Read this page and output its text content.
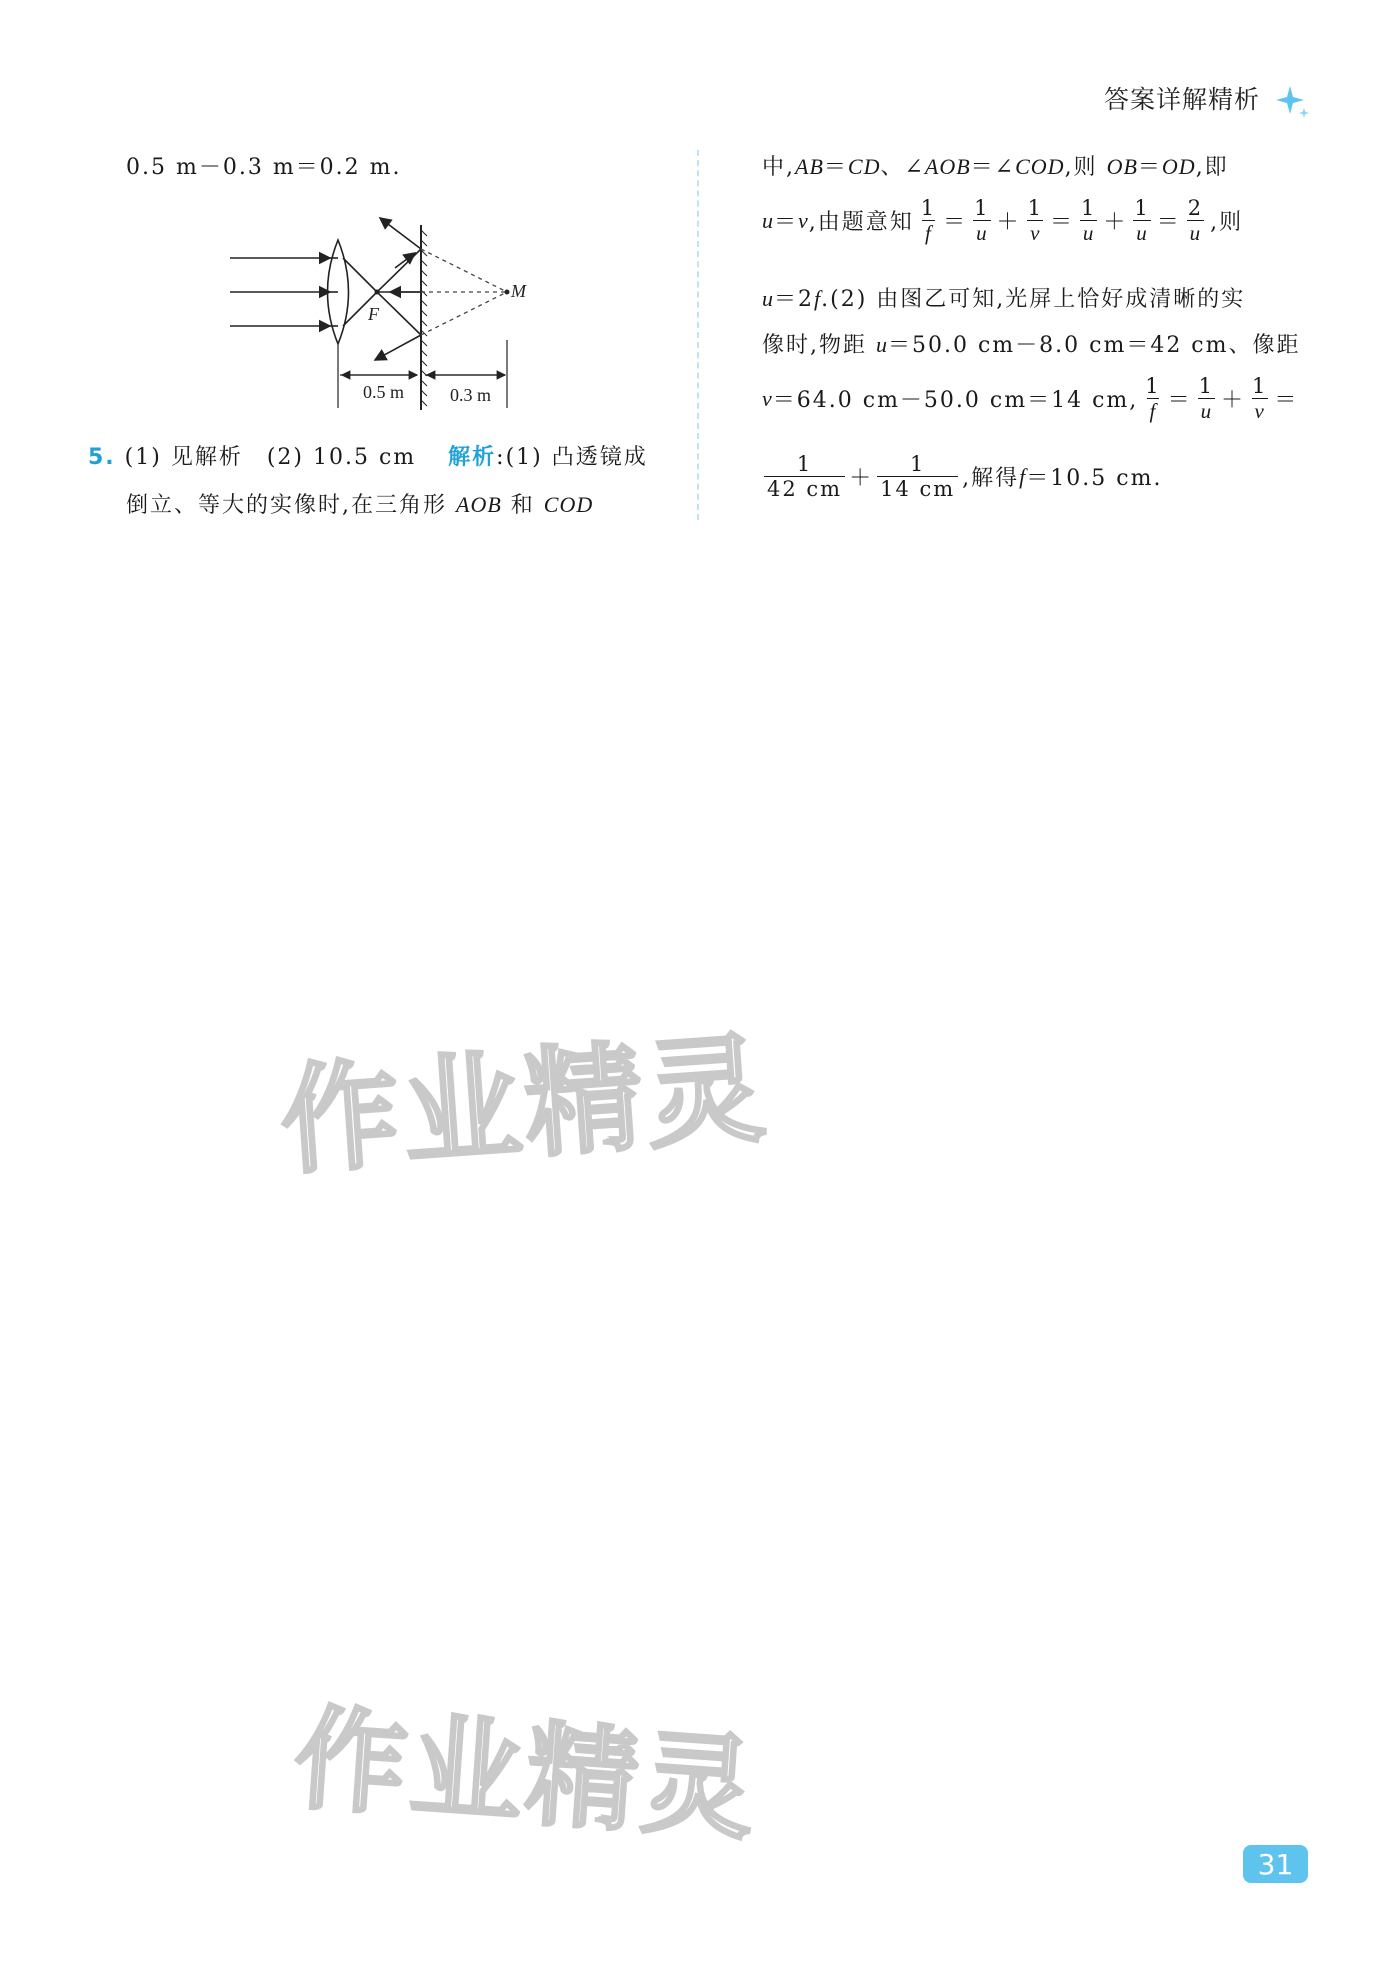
答案详解精析
0.5 m－0.3 m＝0.2 m.
F
M
0.5 m	0.3 m
5. (1) 见解析　(2) 10.5 cm 解析:(1) 凸透镜成
倒立、等大的实像时,在三角形 AOB 和 COD
中,AB＝CD、∠AOB＝∠COD,则 OB＝OD,即
u ＝ v ,由题意知 $\frac{1}{f} = \frac{1}{u} + \frac{1}{v} = \frac{1}{u} + \frac{1}{u} = \frac{2}{u}$ ,则
u＝2f.(2) 由图乙可知,光屏上恰好成清晰的实
像时,物距 u＝50.0 cm－8.0 cm＝42 cm、像距
v ＝64.0 cm－50.0 cm＝14 cm, $\frac{1}{f} = \frac{1}{u} + \frac{1}{v}$ ＝
$\frac{1}{42 cm} + \frac{1}{14 cm}$ ,解得 f ＝10.5 cm.
作业精灵
作业精灵
31
